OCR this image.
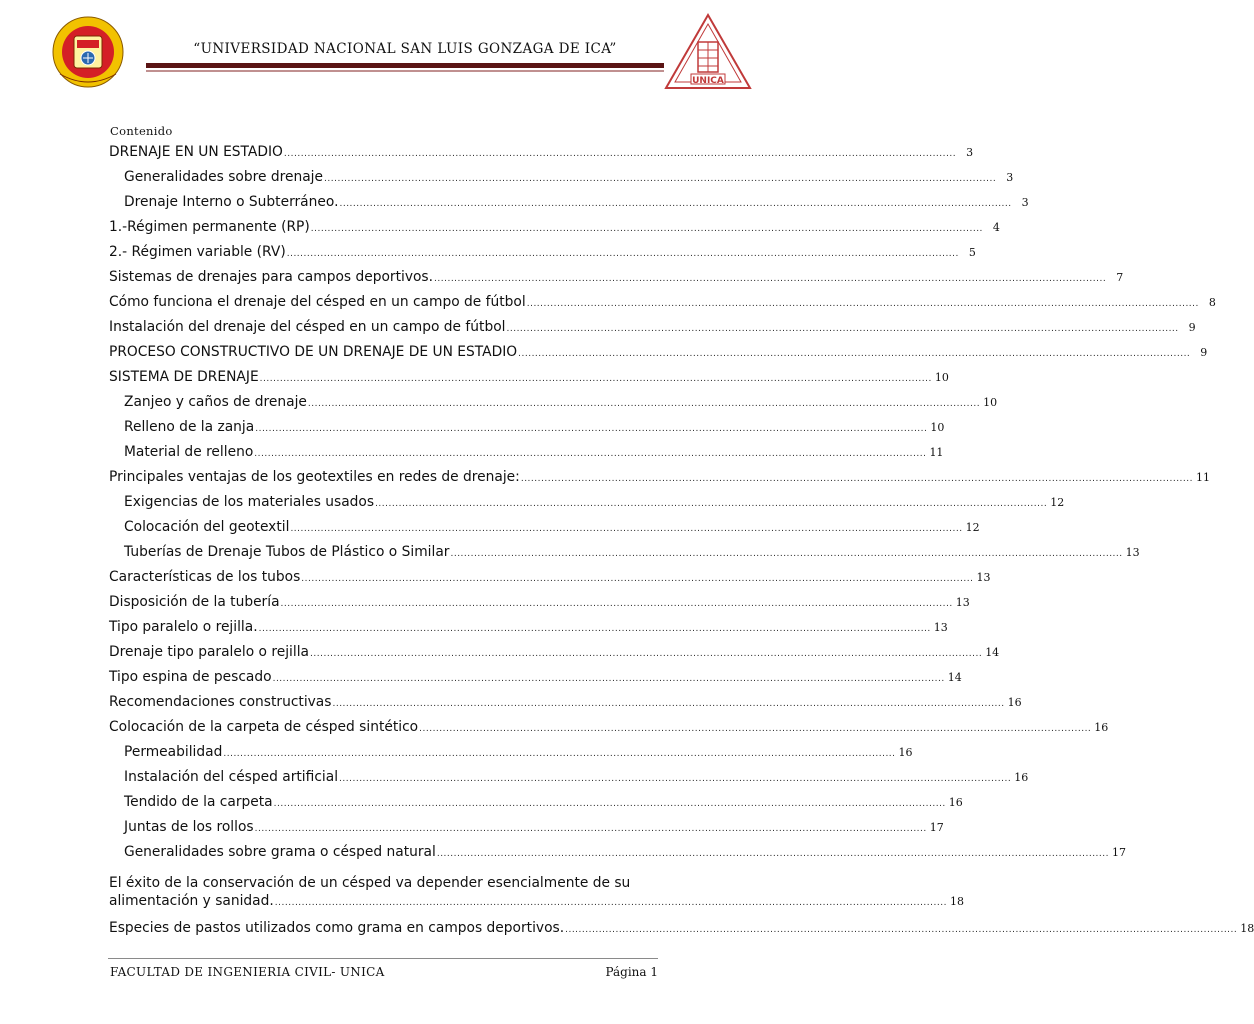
UNICA
“UNIVERSIDAD NACIONAL SAN LUIS GONZAGA DE ICA”
Contenido
DRENAJE EN UN ESTADIO ........................................................................................................................................................................................................ 3
Generalidades sobre drenaje ........................................................................................................................................................................................................ 3
Drenaje Interno o Subterráneo. ........................................................................................................................................................................................................ 3
1.-Régimen permanente (RP) ........................................................................................................................................................................................................ 4
2.- Régimen variable (RV) ........................................................................................................................................................................................................ 5
Sistemas de drenajes para campos deportivos. ........................................................................................................................................................................................................ 7
Cómo funciona el drenaje del césped en un campo de fútbol ........................................................................................................................................................................................................ 8
Instalación del drenaje del césped en un campo de fútbol ........................................................................................................................................................................................................ 9
PROCESO CONSTRUCTIVO DE UN DRENAJE DE UN ESTADIO ........................................................................................................................................................................................................ 9
SISTEMA DE DRENAJE ........................................................................................................................................................................................................ 10
Zanjeo y caños de drenaje ........................................................................................................................................................................................................ 10
Relleno de la zanja ........................................................................................................................................................................................................ 10
Material de relleno ........................................................................................................................................................................................................ 11
Principales ventajas de los geotextiles en redes de drenaje: ........................................................................................................................................................................................................ 11
Exigencias de los materiales usados ........................................................................................................................................................................................................ 12
Colocación del geotextil ........................................................................................................................................................................................................ 12
Tuberías de Drenaje Tubos de Plástico o Similar ........................................................................................................................................................................................................ 13
Características de los tubos ........................................................................................................................................................................................................ 13
Disposición de la tubería ........................................................................................................................................................................................................ 13
Tipo paralelo o rejilla. ........................................................................................................................................................................................................ 13
Drenaje tipo paralelo o rejilla ........................................................................................................................................................................................................ 14
Tipo espina de pescado ........................................................................................................................................................................................................ 14
Recomendaciones constructivas ........................................................................................................................................................................................................ 16
Colocación de la carpeta de césped sintético ........................................................................................................................................................................................................ 16
Permeabilidad ........................................................................................................................................................................................................ 16
Instalación del césped artificial ........................................................................................................................................................................................................ 16
Tendido de la carpeta ........................................................................................................................................................................................................ 16
Juntas de los rollos ........................................................................................................................................................................................................ 17
Generalidades sobre grama o césped natural ........................................................................................................................................................................................................ 17
El éxito de la conservación de un césped va depender esencialmente de su
alimentación y sanidad. ........................................................................................................................................................................................................ 18
Especies de pastos utilizados como grama en campos deportivos. ........................................................................................................................................................................................................ 18
FACULTAD DE INGENIERIA CIVIL- UNICA	Página 1
